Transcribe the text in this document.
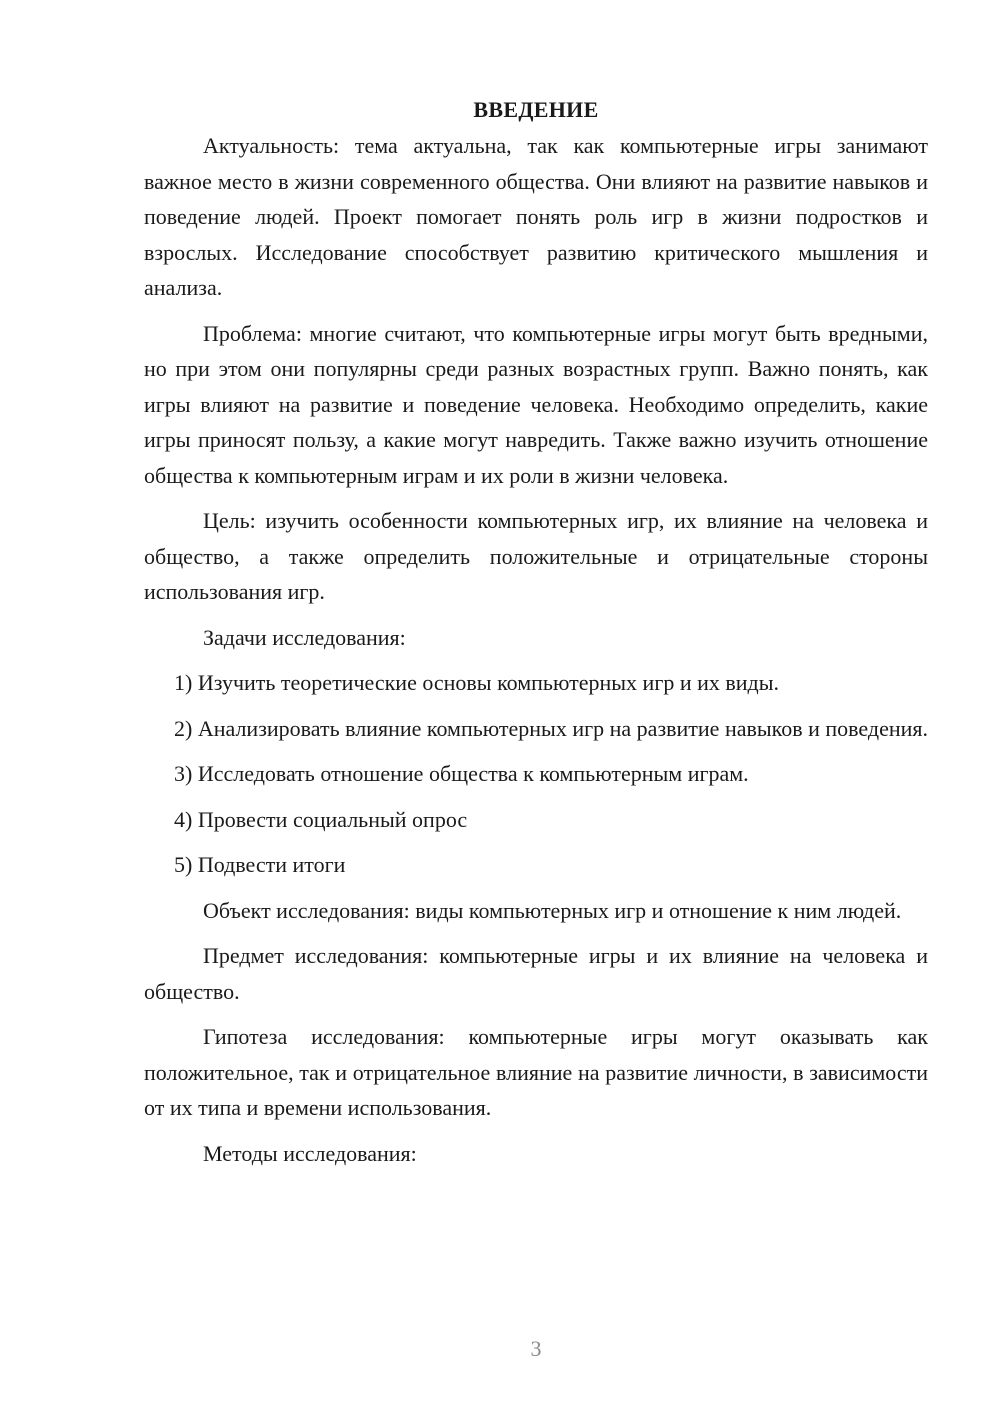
ВВЕДЕНИЕ

Актуальность: тема актуальна, так как компьютерные игры занимают важное место в жизни современного общества. Они влияют на развитие навыков и поведение людей. Проект помогает понять роль игр в жизни подростков и взрослых. Исследование способствует развитию критического мышления и анализа.

Проблема: многие считают, что компьютерные игры могут быть вредными, но при этом они популярны среди разных возрастных групп. Важно понять, как игры влияют на развитие и поведение человека. Необходимо определить, какие игры приносят пользу, а какие могут навредить. Также важно изучить отношение общества к компьютерным играм и их роли в жизни человека.

Цель: изучить особенности компьютерных игр, их влияние на человека и общество, а также определить положительные и отрицательные стороны использования игр.

Задачи исследования:

1) Изучить теоретические основы компьютерных игр и их виды.

2) Анализировать влияние компьютерных игр на развитие навыков и поведения.

3) Исследовать отношение общества к компьютерным играм.

4) Провести социальный опрос

5) Подвести итоги

Объект исследования: виды компьютерных игр и отношение к ним людей.

Предмет исследования: компьютерные игры и их влияние на человека и общество.

Гипотеза исследования: компьютерные игры могут оказывать как положительное, так и отрицательное влияние на развитие личности, в зависимости от их типа и времени использования.

Методы исследования:

3
